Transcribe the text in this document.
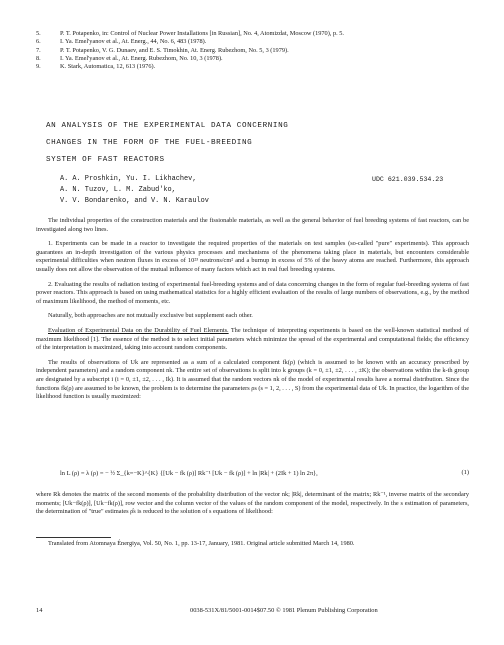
5.	P. T. Potapenko, in: Control of Nuclear Power Installations [in Russian], No. 4, Atomizdat, Moscow (1970), p. 5.
6.	I. Ya. Emel'yanov et al., At. Energ., 44, No. 6, 483 (1978).
7.	P. T. Potapenko, V. G. Dunaev, and E. S. Timokhin, At. Energ. Rubezhom, No. 5, 3 (1979).
8.	I. Ya. Emel'yanov et al., At. Energ. Rubezhom, No. 10, 3 (1978).
9.	K. Stark, Automatica, 12, 613 (1976).
AN ANALYSIS OF THE EXPERIMENTAL DATA CONCERNING
CHANGES IN THE FORM OF THE FUEL-BREEDING
SYSTEM OF FAST REACTORS
A. A. Proshkin, Yu. I. Likhachev,
A. N. Tuzov, L. M. Zabud'ko,
V. V. Bondarenko, and V. N. Karaulov
UDC 621.039.534.23

The individual properties of the construction materials and the fissionable materials, as well as the general behavior of fuel breeding systems of fast reactors, can be investigated along two lines.

1. Experiments can be made in a reactor to investigate the required properties of the materials on test samples (so-called "pure" experiments). This approach guarantees an in-depth investigation of the various physics processes and mechanisms of the phenomena taking place in materials, but encounters considerable experimental difficulties when neutron fluxes in excess of 10²³ neutrons/cm² and a burnup in excess of 5% of the heavy atoms are reached. Furthermore, this approach usually does not allow the observation of the mutual influence of many factors which act in real fuel breeding systems.

2. Evaluating the results of radiation testing of experimental fuel-breeding systems and of data concerning changes in the form of regular fuel-breeding systems of fast power reactors. This approach is based on using mathematical statistics for a highly efficient evaluation of the results of large numbers of observations, e.g., by the method of maximum likelihood, the method of moments, etc.

Naturally, both approaches are not mutually exclusive but supplement each other.

Evaluation of Experimental Data on the Durability of Fuel Elements. The technique of interpreting experiments is based on the well-known statistical method of maximum likelihood [1]. The essence of the method is to select initial parameters which minimize the spread of the experimental and computational fields; the efficiency of the interpretation is maximized, taking into account random components.

The results of observations of Uk are represented as a sum of a calculated component fk(ρ) (which is assumed to be known with an accuracy prescribed by independent parameters) and a random component nk. The entire set of observations is split into k groups (k = 0, ±1, ±2, . . . , ±K); the observations within the k-th group are designated by a subscript i (i = 0, ±1, ±2, . . . , Ik). It is assumed that the random vectors nk of the model of experimental results have a normal distribution. Since the functions fk(ρ) are assumed to be known, the problem is to determine the parameters ρs (s = 1, 2, . . . , S) from the experimental data of Uk. In practice, the logarithm of the likelihood function is usually maximized:

ln L (ρ) = λ (ρ) = − ½ Σ_{k=−K}^{K} {[Uk − fk (ρ)] Rk⁻¹ [Uk − fk (ρ)] + ln |Rk| + (2Ik + 1) ln 2π},	(1)

where Rk denotes the matrix of the second moments of the probability distribution of the vector nk; |Rk|, determinant of the matrix; Rk⁻¹, inverse matrix of the secondary moments; [Uk−fk(ρ)], [Uk−fk(ρ)], row vector and the column vector of the values of the random component of the model, respectively. In the s estimation of parameters, the determination of "true" estimates ρ̂s is reduced to the solution of s equations of likelihood:

Translated from Atomnaya Énergiya, Vol. 50, No. 1, pp. 13-17, January, 1981. Original article submitted March 14, 1980.

14	0038-531X/81/5001-0014$07.50 © 1981 Plenum Publishing Corporation
